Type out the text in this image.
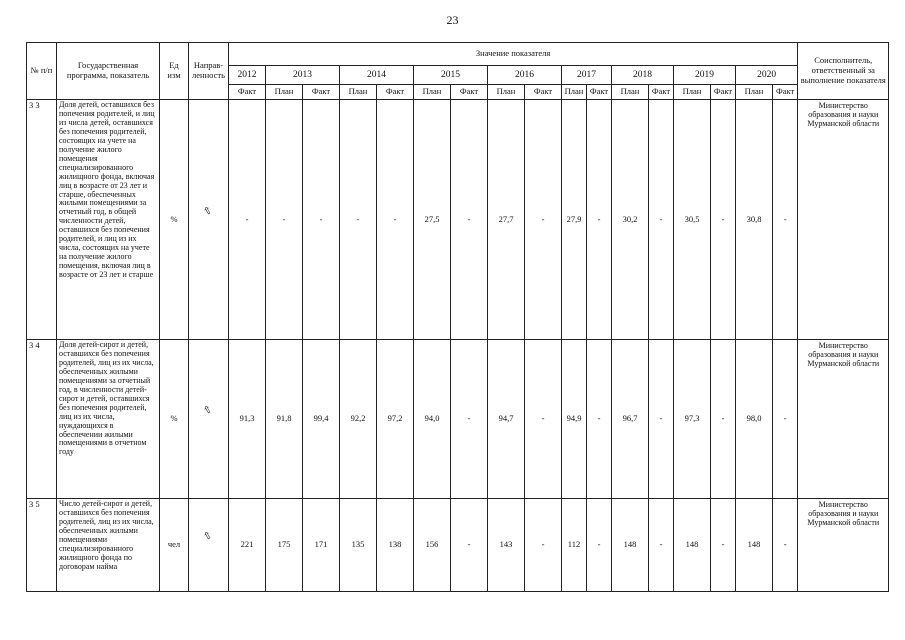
23
№ п/п	Государственная программа, показатель	Ед изм	Направ-ленность	Значение показателя																	Соисполнитель, ответственный за выполнение показателя
				2012	2013		2014		2015		2016		2017		2018		2019		2020		
				Факт	План	Факт	План	Факт	План	Факт	План	Факт	План	Факт	План	Факт	План	Факт	План	Факт	
3 3	Доля детей, оставшихся без попечения родителей, и лиц из числа детей, оставшихся без попечения родителей, состоящих на учете на получение жилого помещения специализированного жилищного фонда, включая лиц в возрасте от 23 лет и старше, обеспеченных жилыми помещениями за отчетный год, в общей численности детей, оставшихся без попечения родителей, и лиц из их числа, состоящих на учете на получение жилого помещения, включая лиц в возрасте от 23 лет и старше	%	⇧	-	-	-	-	-	27,5	-	27,7	-	27,9	-	30,2	-	30,5	-	30,8	-	Министерство образования и науки Мурманской области
3 4	Доля детей-сирот и детей, оставшихся без попечения родителей, лиц из их числа, обеспеченных жилыми помещениями за отчетный год, в численности детей-сирот и детей, оставшихся без попечения родителей, лиц из их числа, нуждающихся в обеспечении жилыми помещениями в отчетном году	%	⇧	91,3	91,8	99,4	92,2	97,2	94,0	-	94,7	-	94,9	-	96,7	-	97,3	-	98,0	-	Министерство образования и науки Мурманской области
3 5	Число детей-сирот и детей, оставшихся без попечения родителей, лиц из их числа, обеспеченных жилыми помещениями специализированного жилищного фонда по договорам найма	чел	⇧	221	175	171	135	138	156	-	143	-	112	-	148	-	148	-	148	-	Министерство образования и науки Мурманской области
